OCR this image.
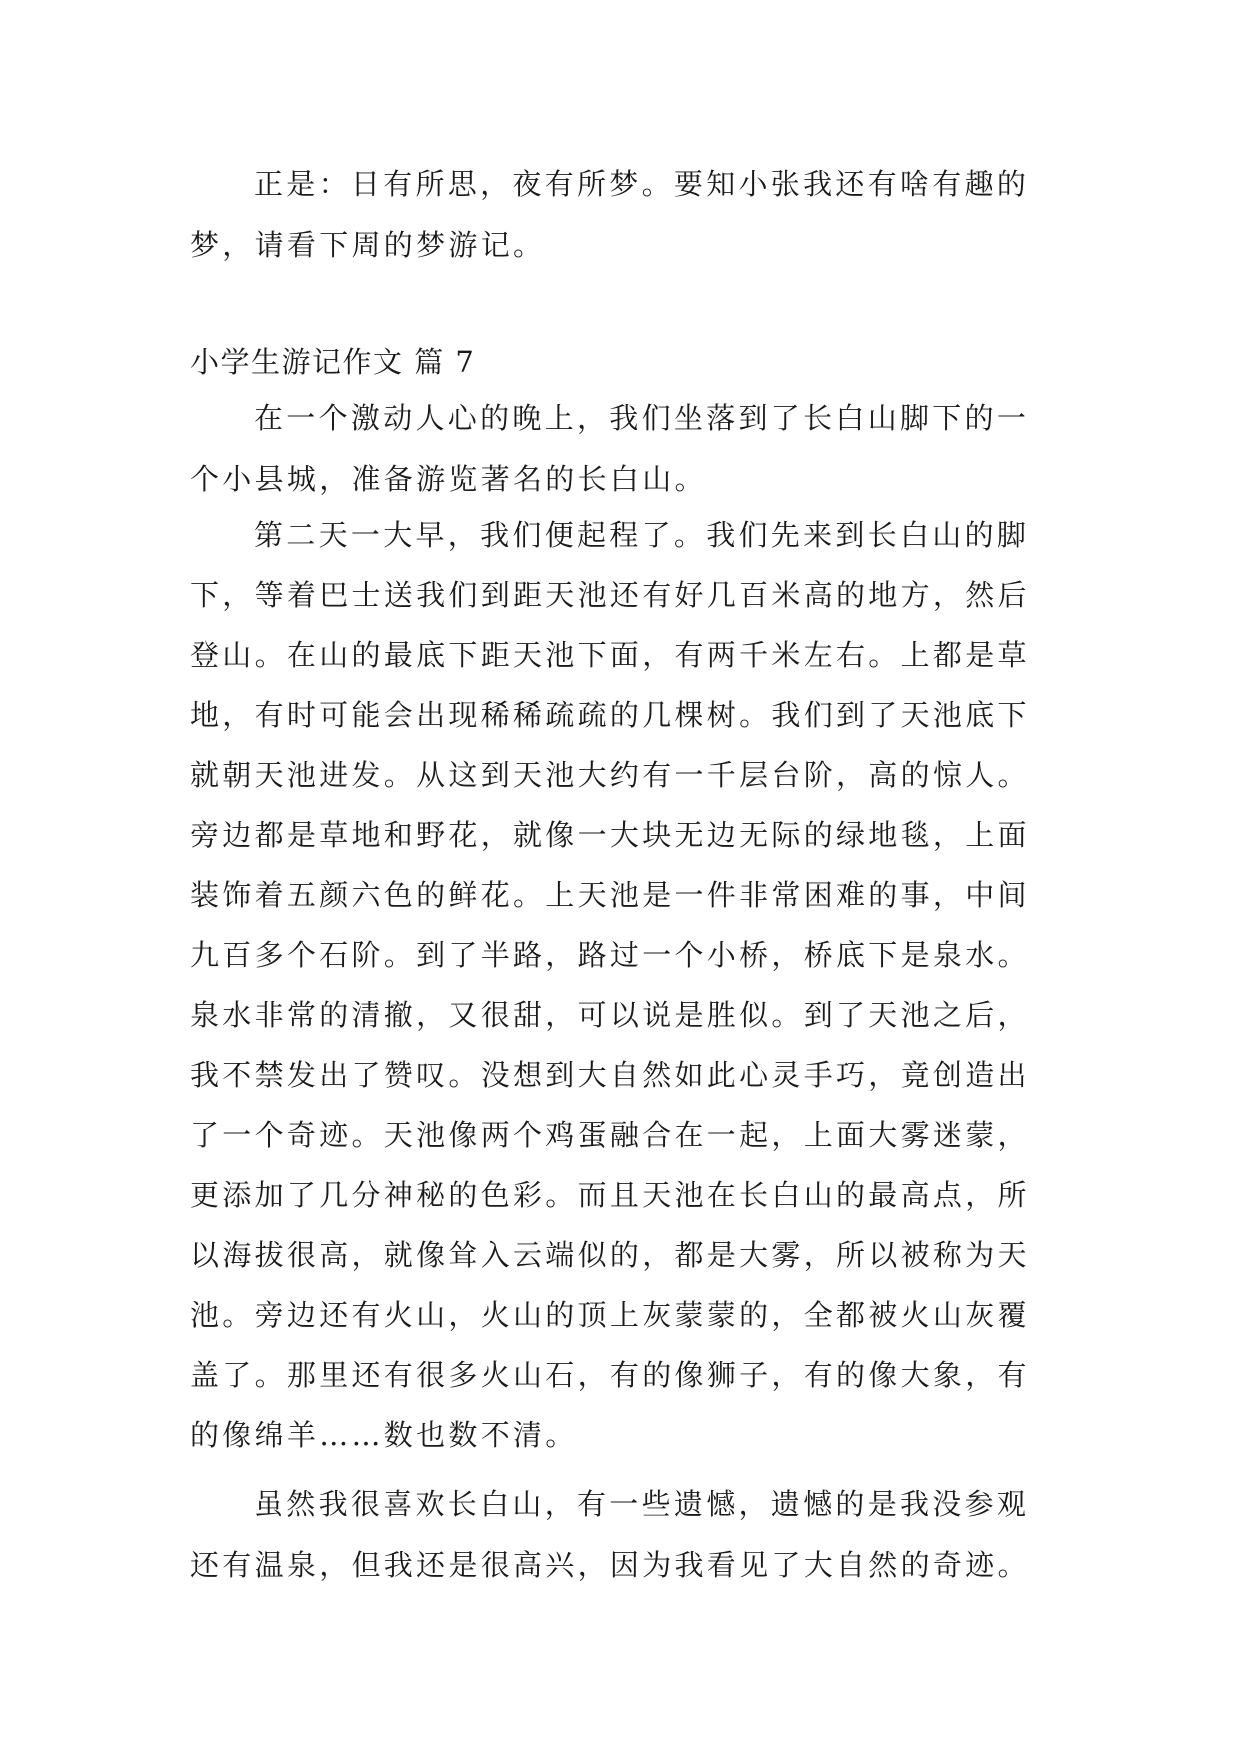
正是：日有所思，夜有所梦。要知小张我还有啥有趣的
梦，请看下周的梦游记。
小学生游记作文 篇 7
在一个激动人心的晚上，我们坐落到了长白山脚下的一
个小县城，准备游览著名的长白山。
第二天一大早，我们便起程了。我们先来到长白山的脚
下，等着巴士送我们到距天池还有好几百米高的地方，然后
登山。在山的最底下距天池下面，有两千米左右。上都是草
地，有时可能会出现稀稀疏疏的几棵树。我们到了天池底下
就朝天池进发。从这到天池大约有一千层台阶，高的惊人。
旁边都是草地和野花，就像一大块无边无际的绿地毯，上面
装饰着五颜六色的鲜花。上天池是一件非常困难的事，中间
九百多个石阶。到了半路，路过一个小桥，桥底下是泉水。
泉水非常的清撤，又很甜，可以说是胜似。到了天池之后，
我不禁发出了赞叹。没想到大自然如此心灵手巧，竟创造出
了一个奇迹。天池像两个鸡蛋融合在一起，上面大雾迷蒙，
更添加了几分神秘的色彩。而且天池在长白山的最高点，所
以海拔很高，就像耸入云端似的，都是大雾，所以被称为天
池。旁边还有火山，火山的顶上灰蒙蒙的，全都被火山灰覆
盖了。那里还有很多火山石，有的像狮子，有的像大象，有
的像绵羊……数也数不清。
虽然我很喜欢长白山，有一些遗憾，遗憾的是我没参观
还有温泉，但我还是很高兴，因为我看见了大自然的奇迹。
